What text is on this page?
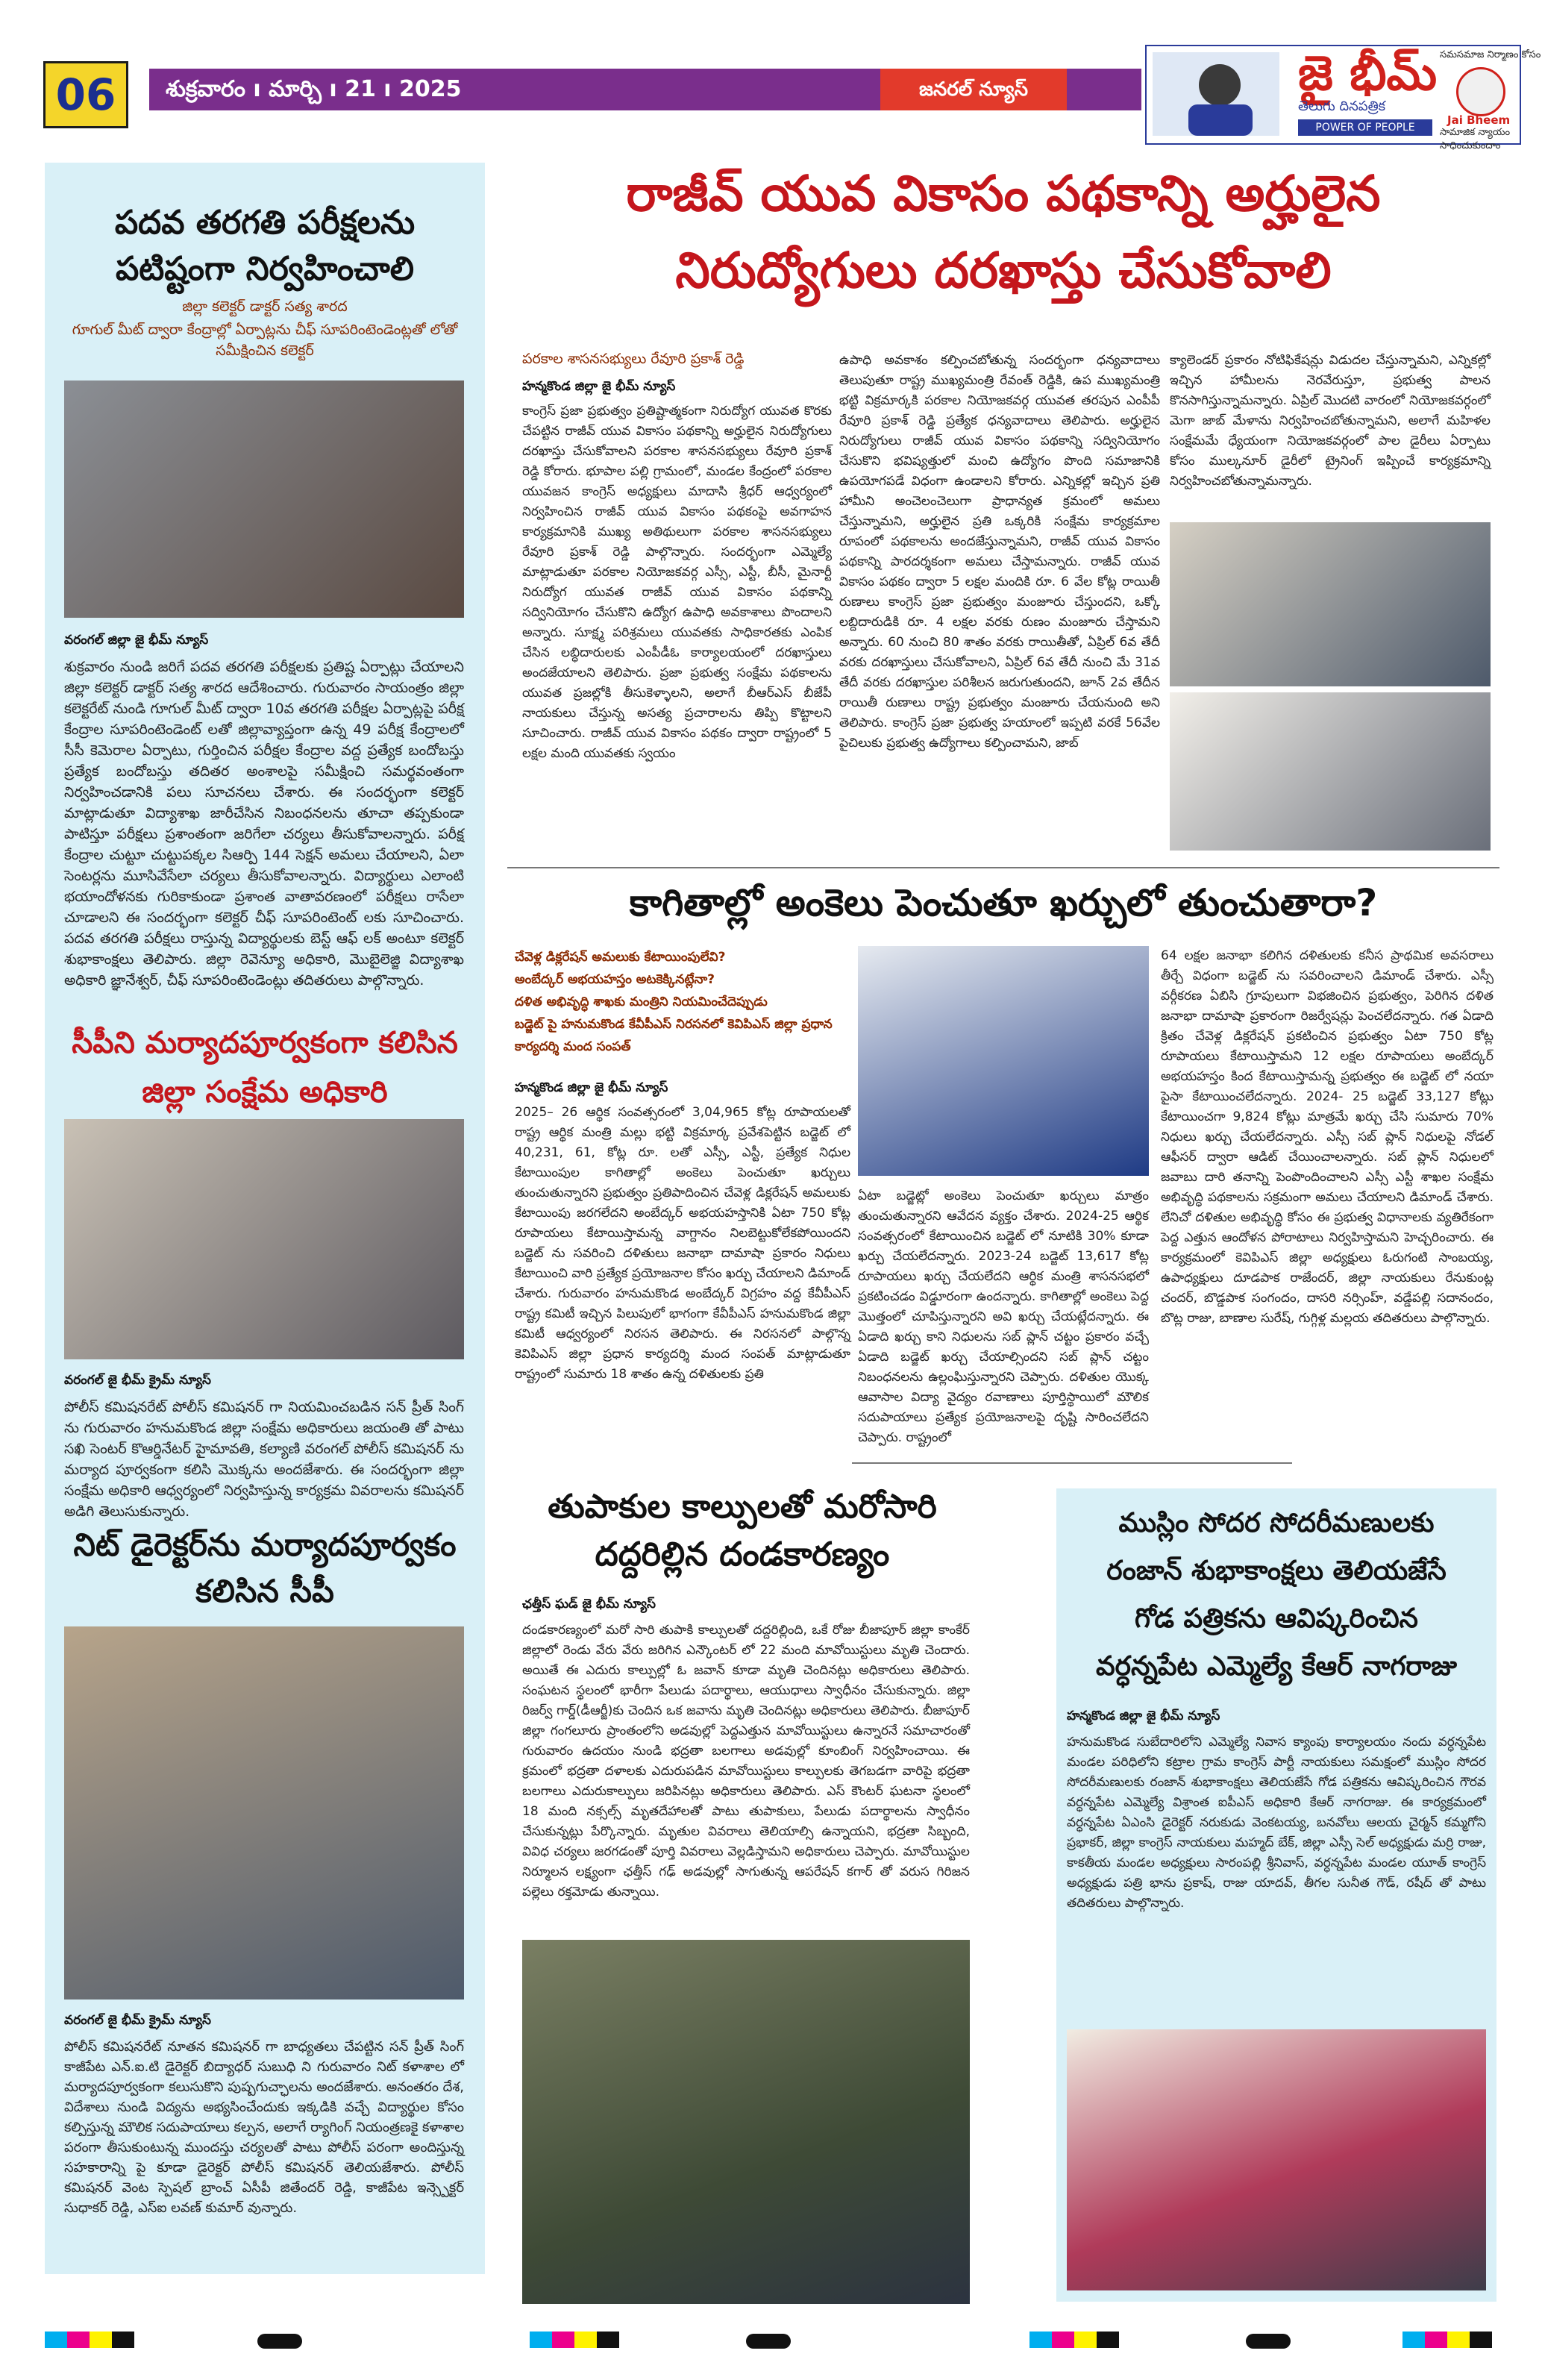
06	శుక్రవారం ı మార్చి ı 21 ı 2025	జనరల్ న్యూస్	జై భీమ్
తెలుగు దినపత్రిక
POWER OF PEOPLE
సమసమాజ నిర్మాణం కోసం
Jai Bheem
సామాజిక న్యాయం సాధించుకుందాం
పదవ తరగతి పరీక్షలను పటిష్టంగా నిర్వహించాలి
జిల్లా కలెక్టర్ డాక్టర్ సత్య శారద
గూగుల్ మీట్ ద్వారా కేంద్రాల్లో ఏర్పాట్లను చీఫ్ సూపరింటెండెంట్లతో లోతో సమీక్షించిన కలెక్టర్
వరంగల్ జిల్లా జై భీమ్ న్యూస్
శుక్రవారం నుండి జరిగే పదవ తరగతి పరీక్షలకు ప్రతిష్ట ఏర్పాట్లు చేయాలని జిల్లా కలెక్టర్ డాక్టర్ సత్య శారద ఆదేశించారు. గురువారం సాయంత్రం జిల్లా కలెక్టరేట్ నుండి గూగుల్ మీట్ ద్వారా 10వ తరగతి పరీక్షల ఏర్పాట్లపై పరీక్ష కేంద్రాల సూపరింటెండెంట్ లతో జిల్లావ్యాప్తంగా ఉన్న 49 పరీక్ష కేంద్రాలలో సీసీ కెమెరాల ఏర్పాటు, గుర్తించిన పరీక్షల కేంద్రాల వద్ద ప్రత్యేక బందోబస్తు ప్రత్యేక బందోబస్తు తదితర అంశాలపై సమీక్షించి సమర్థవంతంగా నిర్వహించడానికి పలు సూచనలు చేశారు. ఈ సందర్భంగా కలెక్టర్ మాట్లాడుతూ విద్యాశాఖ జారీచేసిన నిబంధనలను తూచా తప్పకుండా పాటిస్తూ పరీక్షలు ప్రశాంతంగా జరిగేలా చర్యలు తీసుకోవాలన్నారు. పరీక్ష కేంద్రాల చుట్టూ చుట్టుపక్కల సిఆర్పి 144 సెక్షన్ అమలు చేయాలని, ఏలా సెంటర్లను మూసివేసేలా చర్యలు తీసుకోవాలన్నారు. విద్యార్థులు ఎలాంటి భయాందోళనకు గురికాకుండా ప్రశాంత వాతావరణంలో పరీక్షలు రాసేలా చూడాలని ఈ సందర్భంగా కలెక్టర్ చీఫ్ సూపరింటెంట్ లకు సూచించారు. పదవ తరగతి పరీక్షలు రాస్తున్న విద్యార్థులకు బెస్ట్ ఆఫ్ లక్ అంటూ కలెక్టర్ శుభాకాంక్షలు తెలిపారు. జిల్లా రెవెన్యూ అధికారి, మొబైలెజ్జి విద్యాశాఖ అధికారి జ్ఞానేశ్వర్, చీఫ్ సూపరింటెండెంట్లు తదితరులు పాల్గొన్నారు.
సీపీని మర్యాదపూర్వకంగా కలిసిన జిల్లా సంక్షేమ అధికారి
వరంగల్ జై భీమ్ క్రైమ్ న్యూస్
పోలీస్ కమిషనరేట్ పోలీస్ కమిషనర్ గా నియమించబడిన సన్ ప్రీత్ సింగ్ ను గురువారం హనుమకొండ జిల్లా సంక్షేమ అధికారులు జయంతి తో పాటు సఖి సెంటర్ కొఆర్డినేటర్ హైమావతి, కల్యాణి వరంగల్ పోలీస్ కమిషనర్ ను మర్యాద పూర్వకంగా కలిసి మొక్కను అందజేశారు. ఈ సందర్భంగా జిల్లా సంక్షేమ అధికారి ఆధ్వర్యంలో నిర్వహిస్తున్న కార్యక్రమ వివరాలను కమిషనర్ అడిగి తెలుసుకున్నారు.
నిట్ డైరెక్టర్‌ను మర్యాదపూర్వకం కలిసిన సీపీ
వరంగల్ జై భీమ్ క్రైమ్ న్యూస్
పోలీస్ కమిషనరేట్ నూతన కమిషనర్ గా బాధ్యతలు చేపట్టిన సన్ ప్రీత్ సింగ్ కాజీపేట ఎన్.ఐ.టి డైరెక్టర్ బిద్యాధర్ సుబుధి ని గురువారం నిట్ కళాశాల లో మర్యాదపూర్వకంగా కలుసుకొని పుష్పగుచ్ఛాలను అందజేశారు. అనంతరం దేశ, విదేశాలు నుండి విద్యను అభ్యసించేందుకు ఇక్కడికి వచ్చే విద్యార్థుల కోసం కల్పిస్తున్న మౌలిక సదుపాయాలు కల్పన, అలాగే ర్యాగింగ్ నియంత్రణకై కళాశాల పరంగా తీసుకుంటున్న ముందస్తు చర్యలతో పాటు పోలీస్ పరంగా అందిస్తున్న సహకారాన్ని పై కూడా డైరెక్టర్ పోలీస్ కమిషనర్ తెలియజేశారు. పోలీస్ కమిషనర్ వెంట స్పెషల్ బ్రాంచ్ ఏసీపీ జితేందర్ రెడ్డి, కాజీపేట ఇన్స్పెక్టర్ సుధాకర్ రెడ్డి, ఎస్ఐ లవణ్ కుమార్ వున్నారు.
రాజీవ్ యువ వికాసం పథకాన్ని అర్హులైన
నిరుద్యోగులు దరఖాస్తు చేసుకోవాలి
పరకాల శాసనసభ్యులు రేవూరి ప్రకాశ్ రెడ్డి
హన్మకొండ జిల్లా జై భీమ్ న్యూస్
కాంగ్రెస్ ప్రజా ప్రభుత్వం ప్రతిష్టాత్మకంగా నిరుద్యోగ యువత కొరకు చేపట్టిన రాజీవ్ యువ వికాసం పథకాన్ని అర్హులైన నిరుద్యోగులు దరఖాస్తు చేసుకోవాలని పరకాల శాసనసభ్యులు రేవూరి ప్రకాశ్ రెడ్డి కోరారు. భూపాల పల్లి గ్రామంలో, మండల కేంద్రంలో పరకాల యువజన కాంగ్రెస్ అధ్యక్షులు మాదాసి శ్రీధర్ ఆధ్వర్యంలో నిర్వహించిన రాజీవ్ యువ వికాసం పథకంపై అవగాహన కార్యక్రమానికి ముఖ్య అతిథులుగా పరకాల శాసనసభ్యులు రేవూరి ప్రకాశ్ రెడ్డి పాల్గొన్నారు. సందర్భంగా ఎమ్మెల్యే మాట్లాడుతూ పరకాల నియోజకవర్గ ఎస్సీ, ఎస్టీ, బీసీ, మైనార్టీ నిరుద్యోగ యువత రాజీవ్ యువ వికాసం పథకాన్ని సద్వినియోగం చేసుకొని ఉద్యోగ ఉపాధి అవకాశాలు పొందాలని అన్నారు. సూక్ష్మ పరిశ్రమలు యువతకు సాధికారతకు ఎంపిక చేసిన లబ్ధిదారులకు ఎంపీడీఓ కార్యాలయంలో దరఖాస్తులు అందజేయాలని తెలిపారు. ప్రజా ప్రభుత్వ సంక్షేమ పథకాలను యువత ప్రజల్లోకి తీసుకెళ్ళాలని, అలాగే బీఆర్ఎస్ బీజేపీ నాయకులు చేస్తున్న అసత్య ప్రచారాలను తిప్పి కొట్టాలని సూచించారు. రాజీవ్ యువ వికాసం పథకం ద్వారా రాష్ట్రంలో 5 లక్షల మంది యువతకు స్వయం
ఉపాధి అవకాశం కల్పించబోతున్న సందర్భంగా ధన్యవాదాలు తెలుపుతూ రాష్ట్ర ముఖ్యమంత్రి రేవంత్ రెడ్డికి, ఉప ముఖ్యమంత్రి భట్టి విక్రమార్కకి పరకాల నియోజకవర్గ యువత తరపున ఎంపీపీ రేవూరి ప్రకాశ్ రెడ్డి ప్రత్యేక ధన్యవాదాలు తెలిపారు. అర్హులైన నిరుద్యోగులు రాజీవ్ యువ వికాసం పథకాన్ని సద్వినియోగం చేసుకొని భవిష్యత్తులో మంచి ఉద్యోగం పొంది సమాజానికి ఉపయోగపడే విధంగా ఉండాలని కోరారు. ఎన్నికల్లో ఇచ్చిన ప్రతి హామీని అంచెలంచెలుగా ప్రాధాన్యత క్రమంలో అమలు చేస్తున్నామని, అర్హులైన ప్రతి ఒక్కరికి సంక్షేమ కార్యక్రమాల రూపంలో పథకాలను అందజేస్తున్నామని, రాజీవ్ యువ వికాసం పథకాన్ని పారదర్శకంగా అమలు చేస్తామన్నారు. రాజీవ్ యువ వికాసం పథకం ద్వారా 5 లక్షల మందికి రూ. 6 వేల కోట్ల రాయితీ రుణాలు కాంగ్రెస్ ప్రజా ప్రభుత్వం మంజూరు చేస్తుందని, ఒక్కో లబ్దిదారుడికి రూ. 4 లక్షల వరకు రుణం మంజూరు చేస్తామని అన్నారు. 60 నుంచి 80 శాతం వరకు రాయితీతో, ఏప్రిల్ 6వ తేదీ వరకు దరఖాస్తులు చేసుకోవాలని, ఏప్రిల్ 6వ తేదీ నుంచి మే 31వ తేదీ వరకు దరఖాస్తుల పరిశీలన జరుగుతుందని, జూన్ 2వ తేదీన రాయితీ రుణాలు రాష్ట్ర ప్రభుత్వం మంజూరు చేయనుంది అని తెలిపారు. కాంగ్రెస్ ప్రజా ప్రభుత్వ హయాంలో ఇప్పటి వరకే 56వేల పైచిలుకు ప్రభుత్వ ఉద్యోగాలు కల్పించామని, జాబ్
క్యాలెండర్ ప్రకారం నోటిఫికేషన్లు విడుదల చేస్తున్నామని, ఎన్నికల్లో ఇచ్చిన హామీలను నెరవేరుస్తూ, ప్రభుత్వ పాలన కొనసాగిస్తున్నామన్నారు. ఏప్రిల్ మొదటి వారంలో నియోజకవర్గంలో మెగా జాబ్ మేళాను నిర్వహించబోతున్నామని, అలాగే మహిళల సంక్షేమమే ధ్యేయంగా నియోజకవర్గంలో పాల డైరీలు ఏర్పాటు కోసం ముల్కనూర్ డైరీలో ట్రైనింగ్ ఇప్పించే కార్యక్రమాన్ని నిర్వహించబోతున్నామన్నారు.
కాగితాల్లో అంకెలు పెంచుతూ ఖర్చులో తుంచుతారా?
చేవెళ్ల డిక్లరేషన్ అమలుకు కేటాయింపులేవి?
అంబేద్కర్ అభయహస్తం అటకెక్కినట్లేనా?
దళిత అభివృద్ధి శాఖకు మంత్రిని నియమించేదెప్పుడు
బడ్జెట్ పై హనుమకొండ కేవీపీఎస్ నిరసనలో కెవిపిఎస్ జిల్లా ప్రధాన కార్యదర్శి మంద సంపత్
హన్మకొండ జిల్లా జై భీమ్ న్యూస్
2025– 26 ఆర్థిక సంవత్సరంలో 3,04,965 కోట్ల రూపాయలతో రాష్ట్ర ఆర్థిక మంత్రి మల్లు భట్టి విక్రమార్క ప్రవేశపెట్టిన బడ్జెట్ లో 40,231, 61, కోట్ల రూ. లతో ఎస్సీ, ఎస్టీ, ప్రత్యేక నిధుల కేటాయింపుల కాగితాల్లో అంకెలు పెంచుతూ ఖర్చులు తుంచుతున్నారని ప్రభుత్వం ప్రతిపాదించిన చేవెళ్ల డిక్లరేషన్ అమలుకు కేటాయింపు జరగలేదని అంబేద్కర్ అభయహస్తానికి ఏటా 750 కోట్ల రూపాయలు కేటాయిస్తామన్న వాగ్దానం నిలబెట్టుకోలేకపోయిందని బడ్జెట్ ను సవరించి దళితులు జనాభా దామాషా ప్రకారం నిధులు కేటాయించి వారి ప్రత్యేక ప్రయోజనాల కోసం ఖర్చు చేయాలని డిమాండ్ చేశారు. గురువారం హనుమకొండ అంబేద్కర్ విగ్రహం వద్ద కేవీపీఎస్ రాష్ట్ర కమిటీ ఇచ్చిన పిలుపులో భాగంగా కేవీపీఎస్ హనుమకొండ జిల్లా కమిటీ ఆధ్వర్యంలో నిరసన తెలిపారు. ఈ నిరసనలో పాల్గొన్న కెవిపిఎస్ జిల్లా ప్రధాన కార్యదర్శి మంద సంపత్ మాట్లాడుతూ రాష్ట్రంలో సుమారు 18 శాతం ఉన్న దళితులకు ప్రతి
ఏటా బడ్జెట్లో అంకెలు పెంచుతూ ఖర్చులు మాత్రం తుంచుతున్నారని ఆవేదన వ్యక్తం చేశారు. 2024-25 ఆర్థిక సంవత్సరంలో కేటాయించిన బడ్జెట్ లో నూటికి 30% కూడా ఖర్చు చేయలేదన్నారు. 2023-24 బడ్జెట్ 13,617 కోట్ల రూపాయలు ఖర్చు చేయలేదని ఆర్థిక మంత్రి శాసనసభలో ప్రకటించడం విడ్డూరంగా ఉందన్నారు. కాగితాల్లో అంకెలు పెద్ద మొత్తంలో చూపిస్తున్నారని అవి ఖర్చు చేయట్లేదన్నారు. ఈ ఏడాది ఖర్చు కాని నిధులను సబ్ ప్లాన్ చట్టం ప్రకారం వచ్చే ఏడాది బడ్జెట్ ఖర్చు చేయాల్సిందని సబ్ ప్లాన్ చట్టం నిబంధనలను ఉల్లంఘిస్తున్నారని చెప్పారు. దళితుల యొక్క ఆవాసాల విద్యా వైద్యం రవాణాలు పూర్తిస్థాయిలో మౌలిక సదుపాయాలు ప్రత్యేక ప్రయోజనాలపై దృష్టి సారించలేదని చెప్పారు. రాష్ట్రంలో
64 లక్షల జనాభా కలిగిన దళితులకు కనీస ప్రాథమిక అవసరాలు తీర్చే విధంగా బడ్జెట్ ను సవరించాలని డిమాండ్ చేశారు. ఎస్సీ వర్గీకరణ ఏబిసి గ్రూపులుగా విభజించిన ప్రభుత్వం, పెరిగిన దళిత జనాభా దామాషా ప్రకారంగా రిజర్వేషన్లు పెంచలేదన్నారు. గత ఏడాది క్రితం చేవెళ్ల డిక్లరేషన్ ప్రకటించిన ప్రభుత్వం ఏటా 750 కోట్ల రూపాయలు కేటాయిస్తామని 12 లక్షల రూపాయలు అంబేద్కర్ అభయహస్తం కింద కేటాయిస్తామన్న ప్రభుత్వం ఈ బడ్జెట్ లో నయా పైసా కేటాయించలేదన్నారు. 2024- 25 బడ్జెట్ 33,127 కోట్లు కేటాయించగా 9,824 కోట్లు మాత్రమే ఖర్చు చేసి సుమారు 70% నిధులు ఖర్చు చేయలేదన్నారు. ఎస్సీ సబ్ ప్లాన్ నిధులపై నోడల్ ఆఫీసర్ ద్వారా ఆడిట్ చేయించాలన్నారు. సబ్ ప్లాన్ నిధులలో జవాబు దారి తనాన్ని పెంపొందించాలని ఎస్సీ ఎస్టీ శాఖల సంక్షేమ అభివృద్ధి పథకాలను సక్రమంగా అమలు చేయాలని డిమాండ్ చేశారు. లేనిచో దళితుల అభివృద్ధి కోసం ఈ ప్రభుత్వ విధానాలకు వ్యతిరేకంగా పెద్ద ఎత్తున ఆందోళన పోరాటాలు నిర్వహిస్తామని హెచ్చరించారు. ఈ కార్యక్రమంలో కెవిపిఎస్ జిల్లా అధ్యక్షులు ఓరుగంటి సాంబయ్య, ఉపాధ్యక్షులు దూడపాక రాజేందర్, జిల్లా నాయకులు రేనుకుంట్ల చందర్, బొడ్డపాక సంగందం, దాసరి నర్సింహ్, వడ్డేపల్లి సదానందం, బొట్ల రాజు, బాణాల సురేష్, గుగ్గిళ్ల మల్లయ తదితరులు పాల్గొన్నారు.
తుపాకుల కాల్పులతో మరోసారి
దద్దరిల్లిన దండకారణ్యం
ఛత్తీస్ ఘడ్ జై భీమ్ న్యూస్
దండకారణ్యంలో మరో సారి తుపాకి కాల్పులతో దద్దరిల్లింది, ఒకే రోజు బీజాపూర్ జిల్లా కాంకేర్ జిల్లాలో రెండు వేరు వేరు జరిగిన ఎన్కౌంటర్ లో 22 మంది మావోయిస్టులు మృతి చెందారు. అయితే ఈ ఎదురు కాల్పుల్లో ఓ జవాన్ కూడా మృతి చెందినట్లు అధికారులు తెలిపారు. సంఘటన స్థలంలో భారీగా పేలుడు పదార్థాలు, ఆయుధాలు స్వాధీనం చేసుకున్నారు. జిల్లా రిజర్వ్ గార్డ్(డీఆర్జీ)కు చెందిన ఒక జవాను మృతి చెందినట్లు అధికారులు తెలిపారు. బీజాపూర్ జిల్లా గంగలూరు ప్రాంతంలోని అడవుల్లో పెద్దఎత్తున మావోయిస్టులు ఉన్నారనే సమాచారంతో గురువారం ఉదయం నుండి భద్రతా బలగాలు అడవుల్లో కూంబింగ్ నిర్వహించాయి. ఈ క్రమంలో భద్రతా దళాలకు ఎదురుపడిన మావోయిస్టులు కాల్పులకు తెగబడగా వారిపై భద్రతా బలగాలు ఎదురుకాల్పులు జరిపినట్లు అధికారులు తెలిపారు. ఎస్ కౌంటర్ ఘటనా స్థలంలో 18 మంది నక్సల్స్ మృతదేహాలతో పాటు తుపాకులు, పేలుడు పదార్థాలను స్వాధీనం చేసుకున్నట్లు పేర్కొన్నారు. మృతుల వివరాలు తెలియాల్సి ఉన్నాయని, భద్రతా సిబ్బంది, వివిధ చర్యలు జరగడంతో పూర్తి వివరాలు వెల్లడిస్తామని అధికారులు చెప్పారు. మావోయిస్టుల నిర్మూలన లక్ష్యంగా ఛత్తీస్ గఢ్ అడవుల్లో సాగుతున్న ఆపరేషన్ కగార్ తో వరుస గిరిజన పల్లెలు రక్తమోడు తున్నాయి.
ముస్లిం సోదర సోదరీమణులకు
రంజాన్ శుభాకాంక్షలు తెలియజేసే
గోడ పత్రికను ఆవిష్కరించిన
వర్ధన్నపేట ఎమ్మెల్యే కేఆర్ నాగరాజు
హన్మకొండ జిల్లా జై భీమ్ న్యూస్
హనుమకొండ సుబేదారిలోని ఎమ్మెల్యే నివాస క్యాంపు కార్యాలయం నందు వర్ధన్నపేట మండల పరిధిలోని కట్రాల గ్రామ కాంగ్రెస్ పార్టీ నాయకులు సమక్షంలో ముస్లిం సోదర సోదరీమణులకు రంజాన్ శుభాకాంక్షలు తెలియజేసే గోడ పత్రికను ఆవిష్కరించిన గౌరవ వర్ధన్నపేట ఎమ్మెల్యే విశ్రాంత ఐపీఎస్ అధికారి కేఆర్ నాగరాజు. ఈ కార్యక్రమంలో వర్ధన్నపేట ఏఎంసి డైరెక్టర్ నరుకుడు వెంకటయ్య, బనవోలు ఆలయ చైర్మన్ కమ్మగోని ప్రభాకర్, జిల్లా కాంగ్రెస్ నాయకులు మహ్మద్ బేక్, జిల్లా ఎస్సీ సెల్ అధ్యక్షుడు మర్రి రాజు, కాకతీయ మండల అధ్యక్షులు సారంపల్లి శ్రీనివాస్, వర్ధన్నపేట మండల యూత్ కాంగ్రెస్ అధ్యక్షుడు పత్రి భాను ప్రకాష్, రాజు యాదవ్, తీగల సునీత గౌడ్, రషీద్ తో పాటు తదితరులు పాల్గొన్నారు.
